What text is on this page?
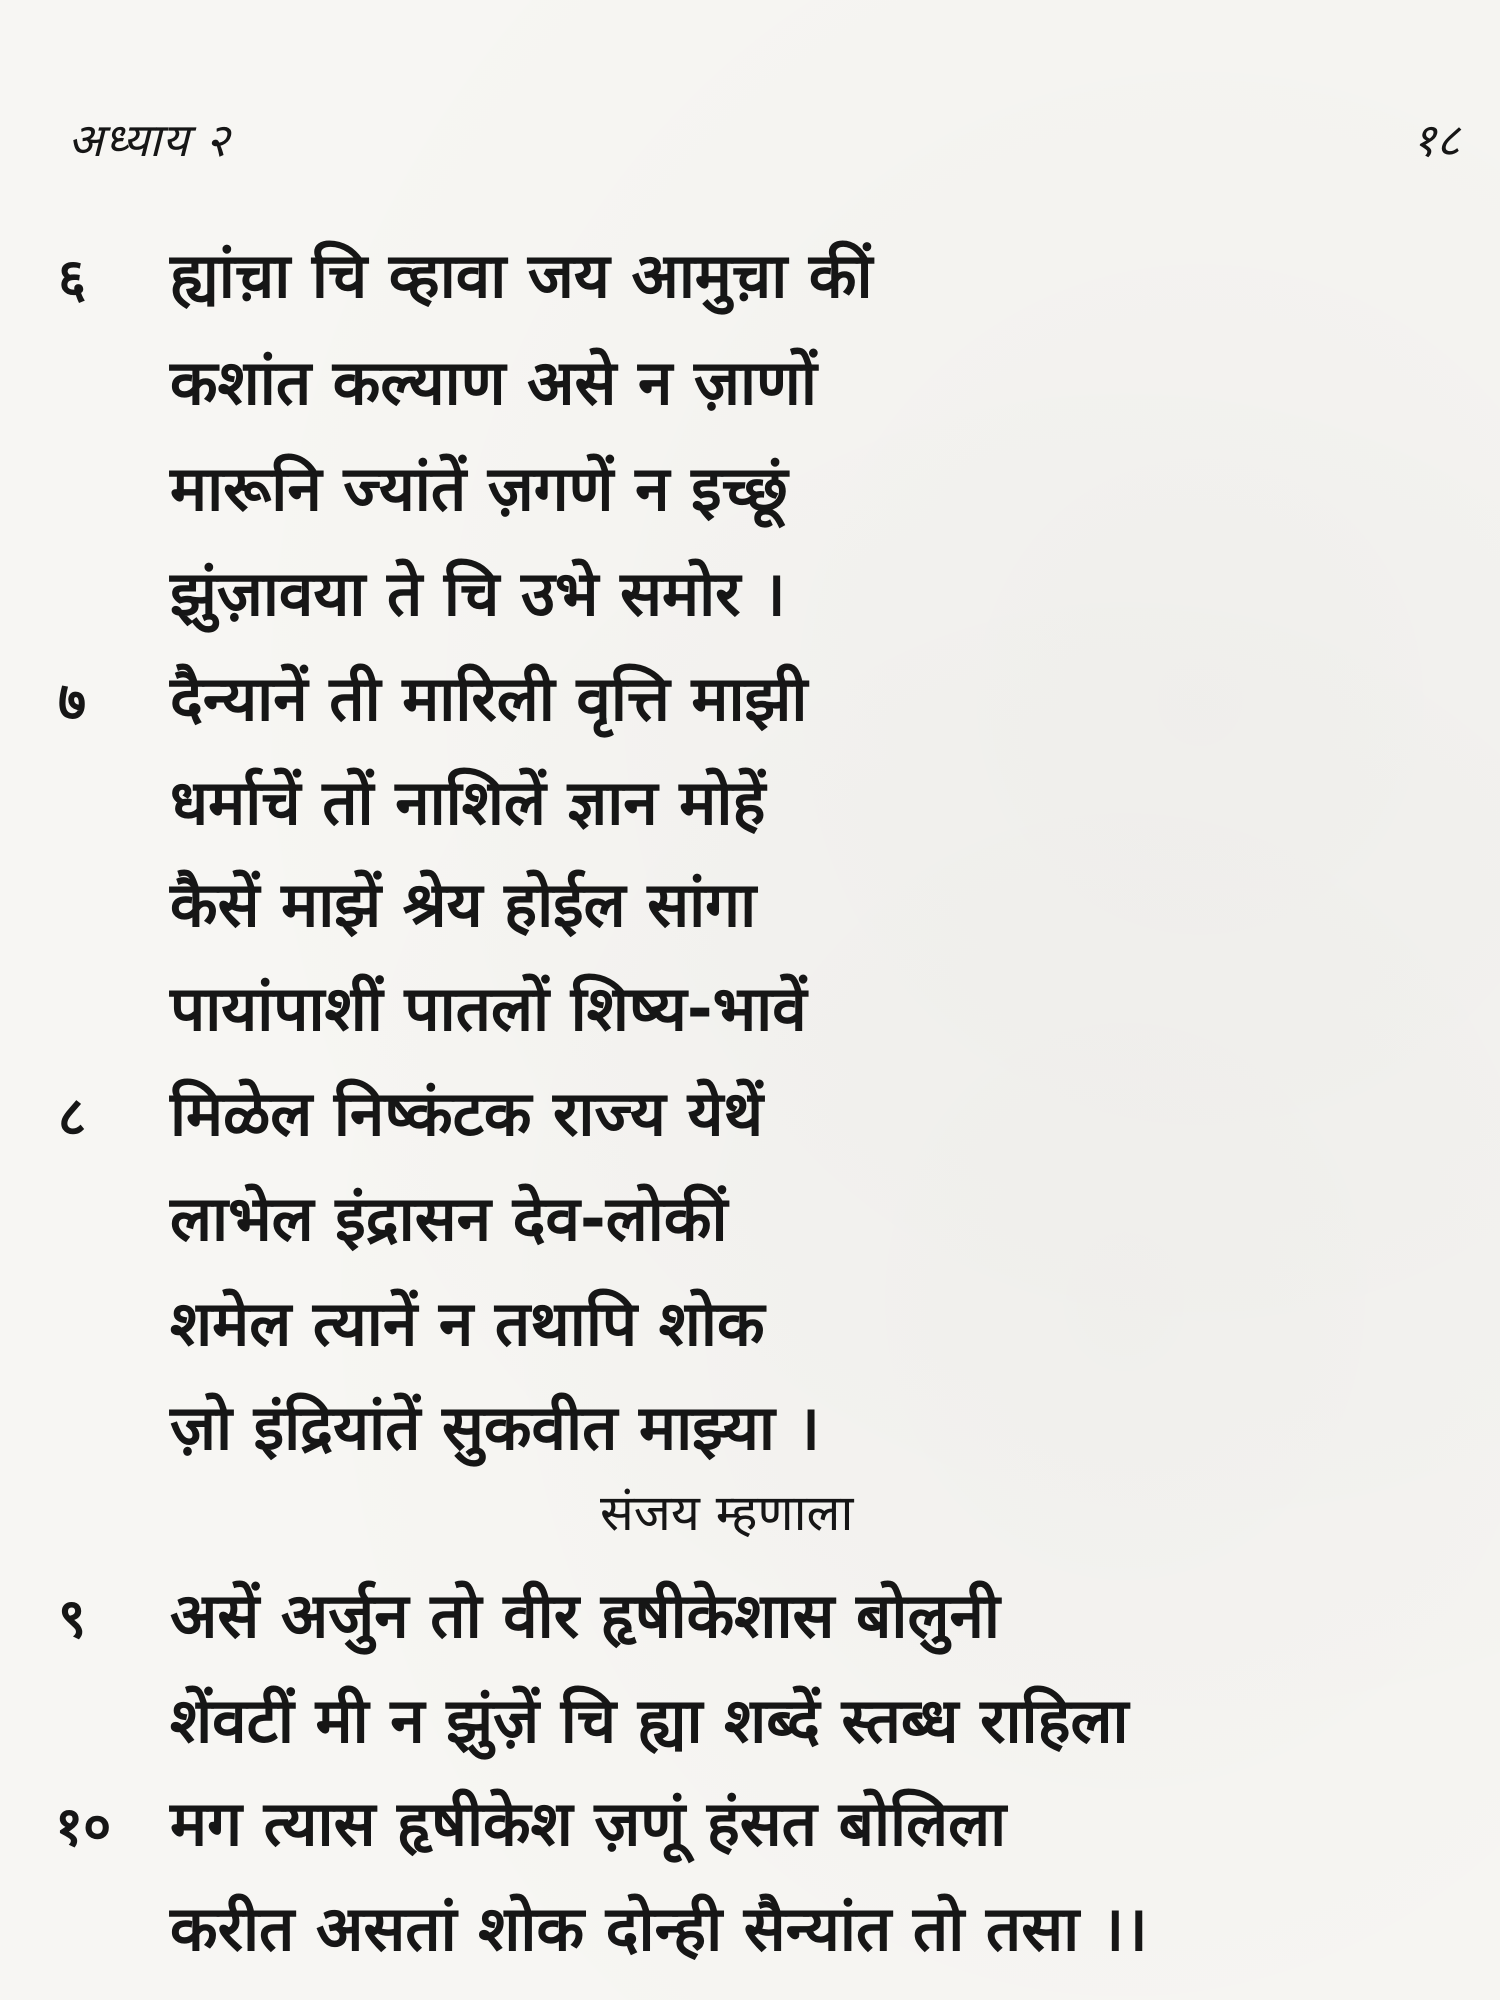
अध्याय २	१८
६ ह्यांच़ा चि व्हावा जय आमुच़ा कीं
कशांत कल्याण असे न ज़ाणों
मारूनि ज्यांतें ज़गणें न इच्छूं
झुंज़ावया ते चि उभे समोर ।
७ दैन्यानें ती मारिली वृत्ति माझी
धर्माचें तों नाशिलें ज्ञान मोहें
कैसें माझें श्रेय होईल सांगा
पायांपाशीं पातलों शिष्य-भावें
८ मिळेल निष्कंटक राज्य येथें
लाभेल इंद्रासन देव-लोकीं
शमेल त्यानें न तथापि शोक
ज़ो इंद्रियांतें सुकवीत माझ्या ।
संजय म्हणाला
९ असें अर्जुन तो वीर हृषीकेशास बोलुनी
शेंवटीं मी न झुंज़ें चि ह्या शब्दें स्तब्ध राहिला
१० मग त्यास हृषीकेश ज़णूं हंसत बोलिला
करीत असतां शोक दोन्ही सैन्यांत तो तसा ।।
